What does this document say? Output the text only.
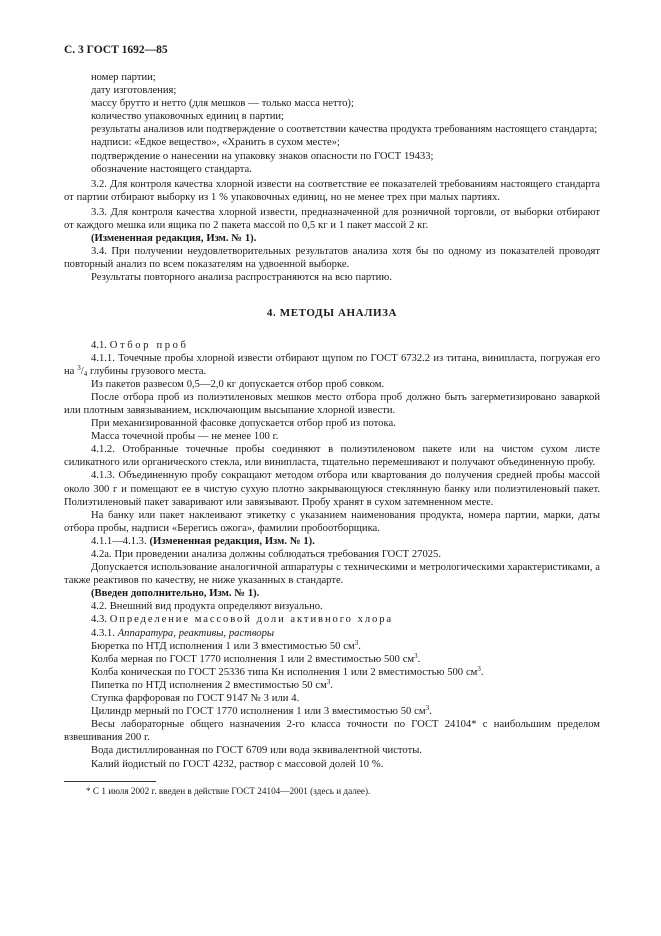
С. 3 ГОСТ 1692—85

номер партии;

дату изготовления;

массу брутто и нетто (для мешков — только масса нетто);

количество упаковочных единиц в партии;

результаты анализов или подтверждение о соответствии качества продукта требованиям настоящего стандарта;

надписи: «Едкое вещество», «Хранить в сухом месте»;

подтверждение о нанесении на упаковку знаков опасности по ГОСТ 19433;

обозначение настоящего стандарта.

3.2. Для контроля качества хлорной извести на соответствие ее показателей требованиям настоящего стандарта от партии отбирают выборку из 1 % упаковочных единиц, но не менее трех при малых партиях.

3.3. Для контроля качества хлорной извести, предназначенной для розничной торговли, от выборки отбирают от каждого мешка или ящика по 2 пакета массой по 0,5 кг и 1 пакет массой 2 кг.

(Измененная редакция, Изм. № 1).

3.4. При получении неудовлетворительных результатов анализа хотя бы по одному из показателей проводят повторный анализ по всем показателям на удвоенной выборке.

Результаты повторного анализа распространяются на всю партию.

4. МЕТОДЫ АНАЛИЗА

4.1. Отбор проб

4.1.1. Точечные пробы хлорной извести отбирают щупом по ГОСТ 6732.2 из титана, винипласта, погружая его на $^3/_4$ глубины грузового места.

Из пакетов развесом 0,5—2,0 кг допускается отбор проб совком.

После отбора проб из полиэтиленовых мешков место отбора проб должно быть загерметизировано заваркой или плотным завязыванием, исключающим высыпание хлорной извести.

При механизированной фасовке допускается отбор проб из потока.

Масса точечной пробы — не менее 100 г.

4.1.2. Отобранные точечные пробы соединяют в полиэтиленовом пакете или на чистом сухом листе силикатного или органического стекла, или винипласта, тщательно перемешивают и получают объединенную пробу.

4.1.3. Объединенную пробу сокращают методом отбора или квартования до получения средней пробы массой около 300 г и помещают ее в чистую сухую плотно закрывающуюся стеклянную банку или полиэтиленовый пакет. Полиэтиленовый пакет заваривают или завязывают. Пробу хранят в сухом затемненном месте.

На банку или пакет наклеивают этикетку с указанием наименования продукта, номера партии, марки, даты отбора пробы, надписи «Берегись ожога», фамилии пробоотборщика.

4.1.1—4.1.3. (Измененная редакция, Изм. № 1).

4.2а. При проведении анализа должны соблюдаться требования ГОСТ 27025.

Допускается использование аналогичной аппаратуры с техническими и метрологическими характеристиками, а также реактивов по качеству, не ниже указанных в стандарте.

(Введен дополнительно, Изм. № 1).

4.2. Внешний вид продукта определяют визуально.

4.3. Определение массовой доли активного хлора

4.3.1. Аппаратура, реактивы, растворы

Бюретка по НТД исполнения 1 или 3 вместимостью 50 $см^3$.

Колба мерная по ГОСТ 1770 исполнения 1 или 2 вместимостью 500 $см^3$.

Колба коническая по ГОСТ 25336 типа Кн исполнения 1 или 2 вместимостью 500 $см^3$.

Пипетка по НТД исполнения 2 вместимостью 50 $см^3$.

Ступка фарфоровая по ГОСТ 9147 № 3 или 4.

Цилиндр мерный по ГОСТ 1770 исполнения 1 или 3 вместимостью 50 $см^3$.

Весы лабораторные общего назначения 2-го класса точности по ГОСТ 24104* с наибольшим пределом взвешивания 200 г.

Вода дистиллированная по ГОСТ 6709 или вода эквивалентной чистоты.

Калий йодистый по ГОСТ 4232, раствор с массовой долей 10 %.

* С 1 июля 2002 г. введен в действие ГОСТ 24104—2001 (здесь и далее).
